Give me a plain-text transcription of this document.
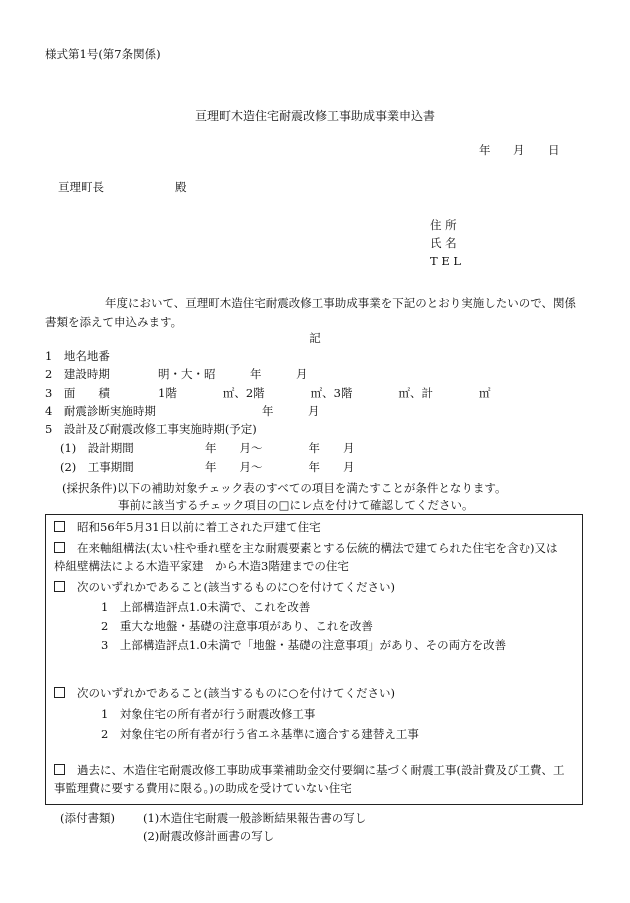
様式第1号(第7条関係)
亘理町木造住宅耐震改修工事助成事業申込書
年 月 日
亘理町長	殿
住 所
氏 名
T E L
年度において、亘理町木造住宅耐震改修工事助成事業を下記のとおり実施したいので、関係
書類を添えて申込みます。
記
1　地名地番
2　建設時期	明・大・昭　　　年　　　月
3　面　　積	1階　　　　㎡、2階　　　　㎡、3階　　　　㎡、計　　　　㎡
4　耐震診断実施時期	年　　　月
5　設計及び耐震改修工事実施時期(予定)
(1)　設計期間	年　　月～　　　　年　　月
(2)　工事期間	年　　月～　　　　年　　月
(採択条件)以下の補助対象チェック表のすべての項目を満たすことが条件となります。
事前に該当するチェック項目の□にレ点を付けて確認してください。
昭和56年5月31日以前に着工された戸建て住宅
在来軸組構法(太い柱や垂れ壁を主な耐震要素とする伝統的構法で建てられた住宅を含む)又は
枠組壁構法による木造平家建　から木造3階建までの住宅
次のいずれかであること(該当するものに○を付けてください)
1　上部構造評点1.0未満で、これを改善
2　重大な地盤・基礎の注意事項があり、これを改善
3　上部構造評点1.0未満で「地盤・基礎の注意事項」があり、その両方を改善
次のいずれかであること(該当するものに○を付けてください)
1　対象住宅の所有者が行う耐震改修工事
2　対象住宅の所有者が行う省エネ基準に適合する建替え工事
過去に、木造住宅耐震改修工事助成事業補助金交付要綱に基づく耐震工事(設計費及び工費、工
事監理費に要する費用に限る。)の助成を受けていない住宅
(添付書類) (1)木造住宅耐震一般診断結果報告書の写し
(2)耐震改修計画書の写し
